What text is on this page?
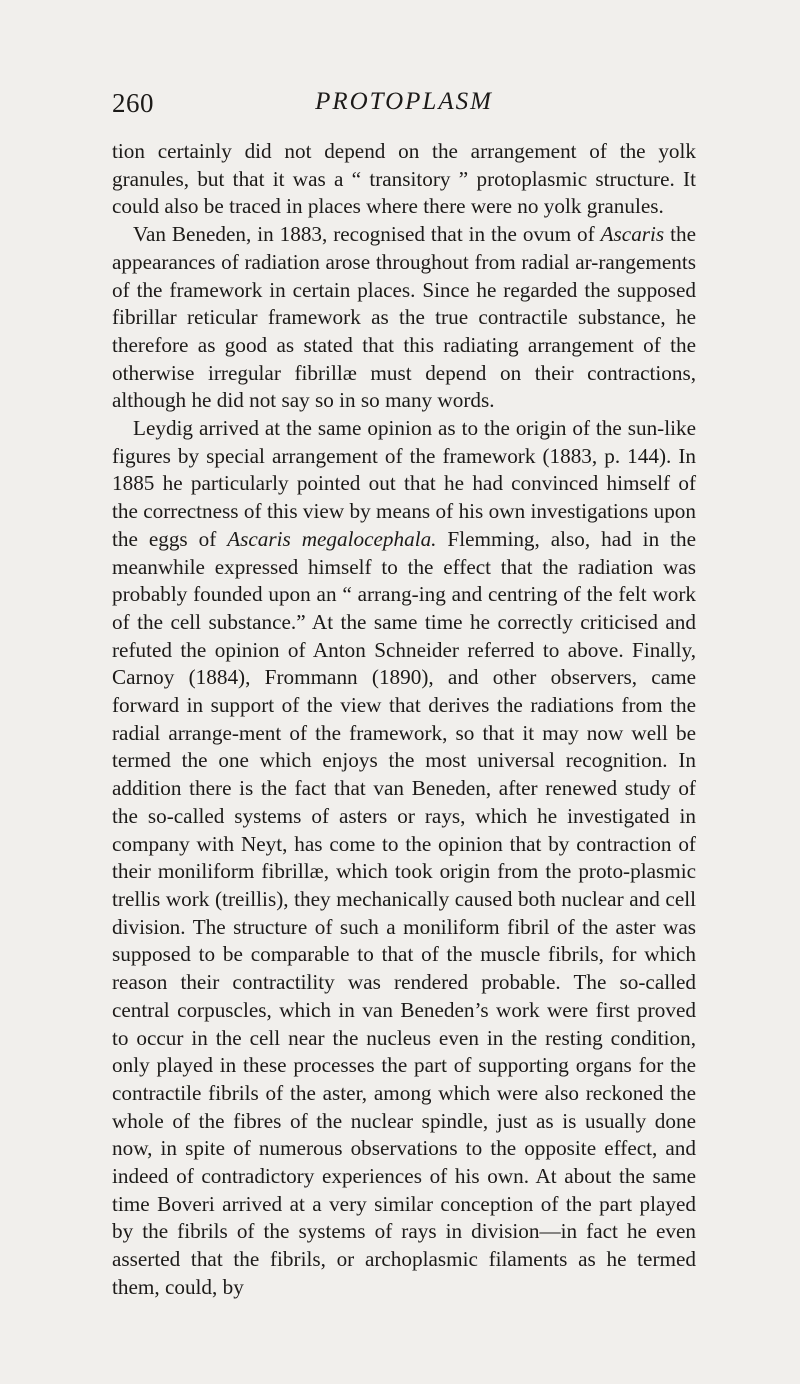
260	PROTOPLASM

tion certainly did not depend on the arrangement of the yolk granules, but that it was a “ transitory ” protoplasmic structure. It could also be traced in places where there were no yolk granules.

Van Beneden, in 1883, recognised that in the ovum of Ascaris the appearances of radiation arose throughout from radial ar-rangements of the framework in certain places. Since he regarded the supposed fibrillar reticular framework as the true contractile substance, he therefore as good as stated that this radiating arrangement of the otherwise irregular fibrillæ must depend on their contractions, although he did not say so in so many words.

Leydig arrived at the same opinion as to the origin of the sun-like figures by special arrangement of the framework (1883, p. 144). In 1885 he particularly pointed out that he had convinced himself of the correctness of this view by means of his own investigations upon the eggs of Ascaris megalocephala. Flemming, also, had in the meanwhile expressed himself to the effect that the radiation was probably founded upon an “ arrang-ing and centring of the felt work of the cell substance.” At the same time he correctly criticised and refuted the opinion of Anton Schneider referred to above. Finally, Carnoy (1884), Frommann (1890), and other observers, came forward in support of the view that derives the radiations from the radial arrange-ment of the framework, so that it may now well be termed the one which enjoys the most universal recognition. In addition there is the fact that van Beneden, after renewed study of the so-called systems of asters or rays, which he investigated in company with Neyt, has come to the opinion that by contraction of their moniliform fibrillæ, which took origin from the proto-plasmic trellis work (treillis), they mechanically caused both nuclear and cell division. The structure of such a moniliform fibril of the aster was supposed to be comparable to that of the muscle fibrils, for which reason their contractility was rendered probable. The so-called central corpuscles, which in van Beneden’s work were first proved to occur in the cell near the nucleus even in the resting condition, only played in these processes the part of supporting organs for the contractile fibrils of the aster, among which were also reckoned the whole of the fibres of the nuclear spindle, just as is usually done now, in spite of numerous observations to the opposite effect, and indeed of contradictory experiences of his own. At about the same time Boveri arrived at a very similar conception of the part played by the fibrils of the systems of rays in division—in fact he even asserted that the fibrils, or archoplasmic filaments as he termed them, could, by
